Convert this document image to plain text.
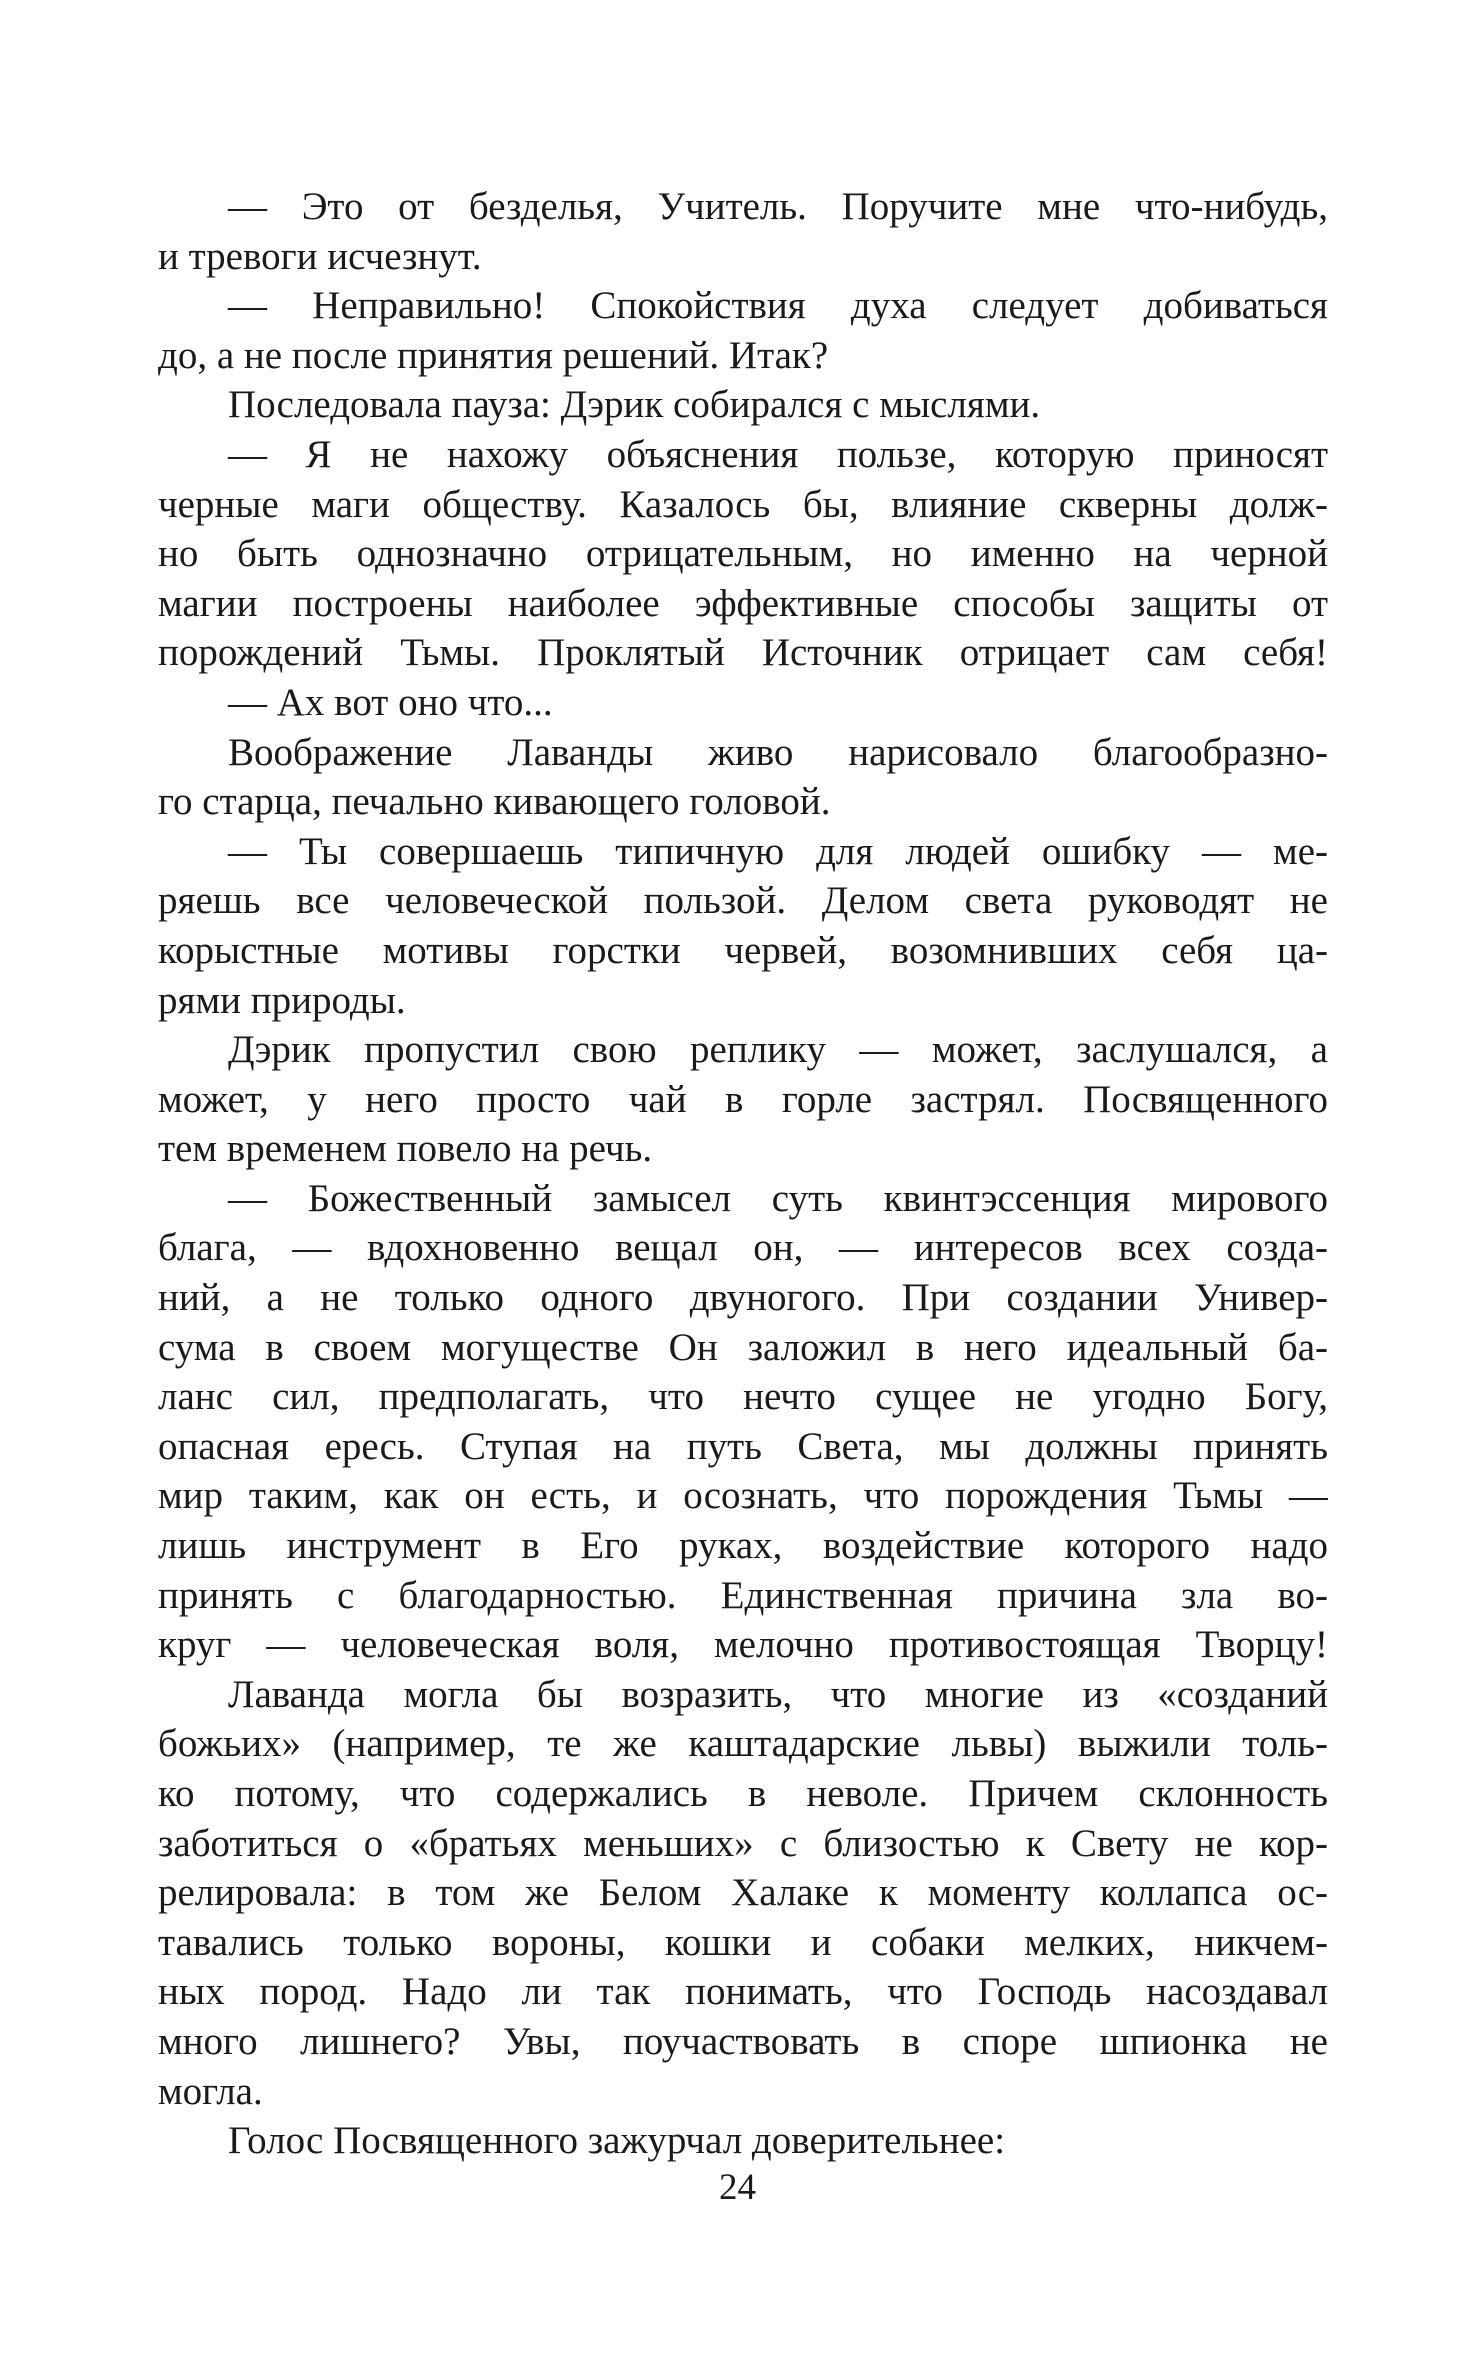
— Это от безделья, Учитель. Поручите мне что-нибудь,
и тревоги исчезнут.
— Неправильно! Спокойствия духа следует добиваться
до, а не после принятия решений. Итак?
Последовала пауза: Дэрик собирался с мыслями.
— Я не нахожу объяснения пользе, которую приносят
черные маги обществу. Казалось бы, влияние скверны долж-
но быть однозначно отрицательным, но именно на черной
магии построены наиболее эффективные способы защиты от
порождений Тьмы. Проклятый Источник отрицает сам себя!
— Ах вот оно что...
Воображение Лаванды живо нарисовало благообразно-
го старца, печально кивающего головой.
— Ты совершаешь типичную для людей ошибку — ме-
ряешь все человеческой пользой. Делом света руководят не
корыстные мотивы горстки червей, возомнивших себя ца-
рями природы.
Дэрик пропустил свою реплику — может, заслушался, а
может, у него просто чай в горле застрял. Посвященного
тем временем повело на речь.
— Божественный замысел суть квинтэссенция мирового
блага, — вдохновенно вещал он, — интересов всех созда-
ний, а не только одного двуногого. При создании Универ-
сума в своем могуществе Он заложил в него идеальный ба-
ланс сил, предполагать, что нечто сущее не угодно Богу,
опасная ересь. Ступая на путь Света, мы должны принять
мир таким, как он есть, и осознать, что порождения Тьмы —
лишь инструмент в Его руках, воздействие которого надо
принять с благодарностью. Единственная причина зла во-
круг — человеческая воля, мелочно противостоящая Творцу!
Лаванда могла бы возразить, что многие из «созданий
божьих» (например, те же каштадарские львы) выжили толь-
ко потому, что содержались в неволе. Причем склонность
заботиться о «братьях меньших» с близостью к Свету не кор-
релировала: в том же Белом Халаке к моменту коллапса ос-
тавались только вороны, кошки и собаки мелких, никчем-
ных пород. Надо ли так понимать, что Господь насоздавал
много лишнего? Увы, поучаствовать в споре шпионка не
могла.
Голос Посвященного зажурчал доверительнее:
24
